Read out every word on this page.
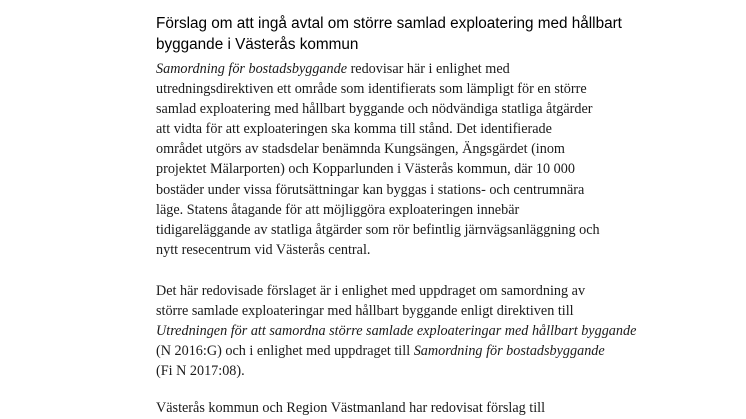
Förslag om att ingå avtal om större samlad exploatering med hållbart
byggande i Västerås kommun

Samordning för bostadsbyggande redovisar här i enlighet med
utredningsdirektiven ett område som identifierats som lämpligt för en större
samlad exploatering med hållbart byggande och nödvändiga statliga åtgärder
att vidta för att exploateringen ska komma till stånd. Det identifierade
området utgörs av stadsdelar benämnda Kungsängen, Ängsgärdet (inom
projektet Mälarporten) och Kopparlunden i Västerås kommun, där 10 000
bostäder under vissa förutsättningar kan byggas i stations- och centrumnära
läge. Statens åtagande för att möjliggöra exploateringen innebär
tidigareläggande av statliga åtgärder som rör befintlig järnvägsanläggning och
nytt resecentrum vid Västerås central.

Det här redovisade förslaget är i enlighet med uppdraget om samordning av
större samlade exploateringar med hållbart byggande enligt direktiven till
Utredningen för att samordna större samlade exploateringar med hållbart byggande
(N 2016:G) och i enlighet med uppdraget till Samordning för bostadsbyggande
(Fi N 2017:08).

Västerås kommun och Region Västmanland har redovisat förslag till
